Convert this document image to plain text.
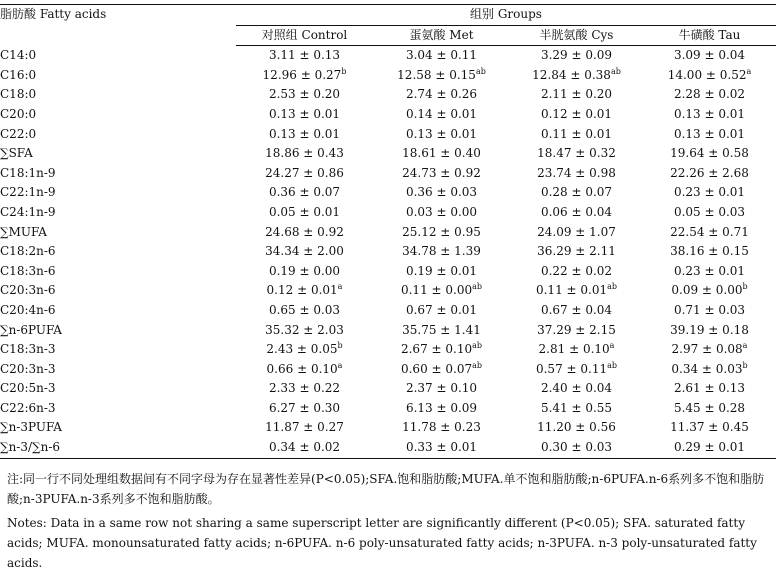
脂肪酸 Fatty acids	组别 Groups			
	对照组 Control	蛋氨酸 Met	半胱氨酸 Cys	牛磺酸 Tau
C14:0	3.11 ± 0.13	3.04 ± 0.11	3.29 ± 0.09	3.09 ± 0.04
C16:0	12.96 ± 0.27$^b$	12.58 ± 0.15$^{ab}$	12.84 ± 0.38$^{ab}$	14.00 ± 0.52$^a$
C18:0	2.53 ± 0.20	2.74 ± 0.26	2.11 ± 0.20	2.28 ± 0.02
C20:0	0.13 ± 0.01	0.14 ± 0.01	0.12 ± 0.01	0.13 ± 0.01
C22:0	0.13 ± 0.01	0.13 ± 0.01	0.11 ± 0.01	0.13 ± 0.01
∑SFA	18.86 ± 0.43	18.61 ± 0.40	18.47 ± 0.32	19.64 ± 0.58
C18:1n-9	24.27 ± 0.86	24.73 ± 0.92	23.74 ± 0.98	22.26 ± 2.68
C22:1n-9	0.36 ± 0.07	0.36 ± 0.03	0.28 ± 0.07	0.23 ± 0.01
C24:1n-9	0.05 ± 0.01	0.03 ± 0.00	0.06 ± 0.04	0.05 ± 0.03
∑MUFA	24.68 ± 0.92	25.12 ± 0.95	24.09 ± 1.07	22.54 ± 0.71
C18:2n-6	34.34 ± 2.00	34.78 ± 1.39	36.29 ± 2.11	38.16 ± 0.15
C18:3n-6	0.19 ± 0.00	0.19 ± 0.01	0.22 ± 0.02	0.23 ± 0.01
C20:3n-6	0.12 ± 0.01$^a$	0.11 ± 0.00$^{ab}$	0.11 ± 0.01$^{ab}$	0.09 ± 0.00$^b$
C20:4n-6	0.65 ± 0.03	0.67 ± 0.01	0.67 ± 0.04	0.71 ± 0.03
∑n-6PUFA	35.32 ± 2.03	35.75 ± 1.41	37.29 ± 2.15	39.19 ± 0.18
C18:3n-3	2.43 ± 0.05$^b$	2.67 ± 0.10$^{ab}$	2.81 ± 0.10$^a$	2.97 ± 0.08$^a$
C20:3n-3	0.66 ± 0.10$^a$	0.60 ± 0.07$^{ab}$	0.57 ± 0.11$^{ab}$	0.34 ± 0.03$^b$
C20:5n-3	2.33 ± 0.22	2.37 ± 0.10	2.40 ± 0.04	2.61 ± 0.13
C22:6n-3	6.27 ± 0.30	6.13 ± 0.09	5.41 ± 0.55	5.45 ± 0.28
∑n-3PUFA	11.87 ± 0.27	11.78 ± 0.23	11.20 ± 0.56	11.37 ± 0.45
∑n-3/∑n-6	0.34 ± 0.02	0.33 ± 0.01	0.30 ± 0.03	0.29 ± 0.01

注:同一行不同处理组数据间有不同字母为存在显著性差异(P<0.05);SFA.饱和脂肪酸;MUFA.单不饱和脂肪酸;n-6PUFA.n-6系列多不饱和脂肪酸;n-3PUFA.n-3系列多不饱和脂肪酸。

Notes: Data in a same row not sharing a same superscript letter are significantly different (P<0.05); SFA. saturated fatty acids; MUFA. monounsaturated fatty acids; n-6PUFA. n-6 poly-unsaturated fatty acids; n-3PUFA. n-3 poly-unsaturated fatty acids.
